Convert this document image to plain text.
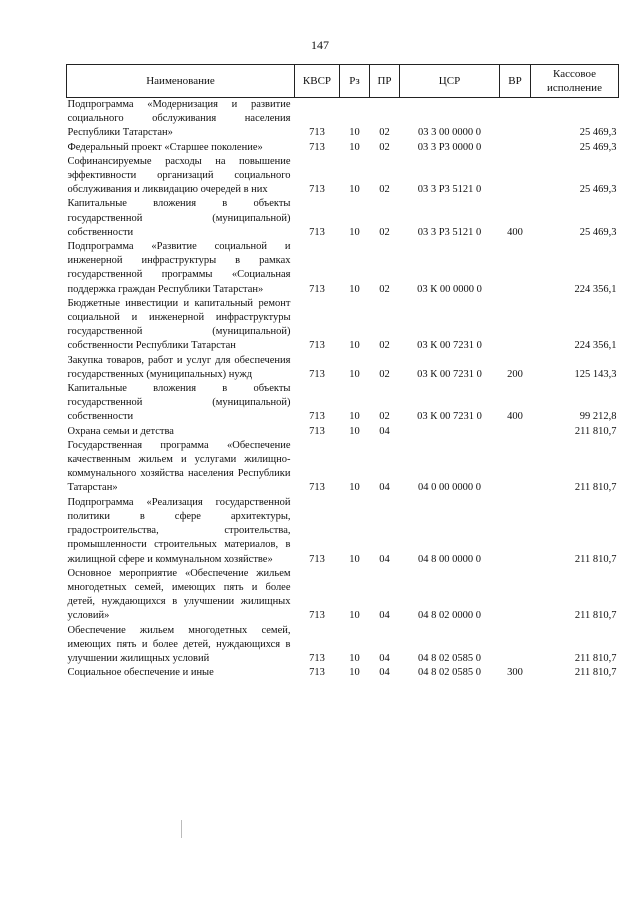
147
Наименование	КВСР	Рз	ПР	ЦСР	ВР	Кассовое исполнение
Подпрограмма «Модернизация и развитие социального обслуживания населения Республики Татарстан»	713	10	02	03 3 00 0000 0		25 469,3
Федеральный проект «Старшее поколение»	713	10	02	03 3 P3 0000 0		25 469,3
Софинансируемые расходы на повышение эффективности организаций социального обслуживания и ликвидацию очередей в них	713	10	02	03 3 P3 5121 0		25 469,3
Капитальные вложения в объекты государственной (муниципальной) собственности	713	10	02	03 3 P3 5121 0	400	25 469,3
Подпрограмма «Развитие социальной и инженерной инфраструктуры в рамках государственной программы «Социальная поддержка граждан Республики Татарстан»	713	10	02	03 К 00 0000 0		224 356,1
Бюджетные инвестиции и капитальный ремонт социальной и инженерной инфраструктуры государственной (муниципальной) собственности Республики Татарстан	713	10	02	03 К 00 7231 0		224 356,1
Закупка товаров, работ и услуг для обеспечения государственных (муниципальных) нужд	713	10	02	03 К 00 7231 0	200	125 143,3
Капитальные вложения в объекты государственной (муниципальной) собственности	713	10	02	03 К 00 7231 0	400	99 212,8
Охрана семьи и детства	713	10	04			211 810,7
Государственная программа «Обеспечение качественным жильем и услугами жилищно-коммунального хозяйства населения Республики Татарстан»	713	10	04	04 0 00 0000 0		211 810,7
Подпрограмма «Реализация государственной политики в сфере архитектуры, градостроительства, строительства, промышленности строительных материалов, в жилищной сфере и коммунальном хозяйстве»	713	10	04	04 8 00 0000 0		211 810,7
Основное мероприятие «Обеспечение жильем многодетных семей, имеющих пять и более детей, нуждающихся в улучшении жилищных условий»	713	10	04	04 8 02 0000 0		211 810,7
Обеспечение жильем многодетных семей, имеющих пять и более детей, нуждающихся в улучшении жилищных условий	713	10	04	04 8 02 0585 0		211 810,7
Социальное обеспечение и иные	713	10	04	04 8 02 0585 0	300	211 810,7
